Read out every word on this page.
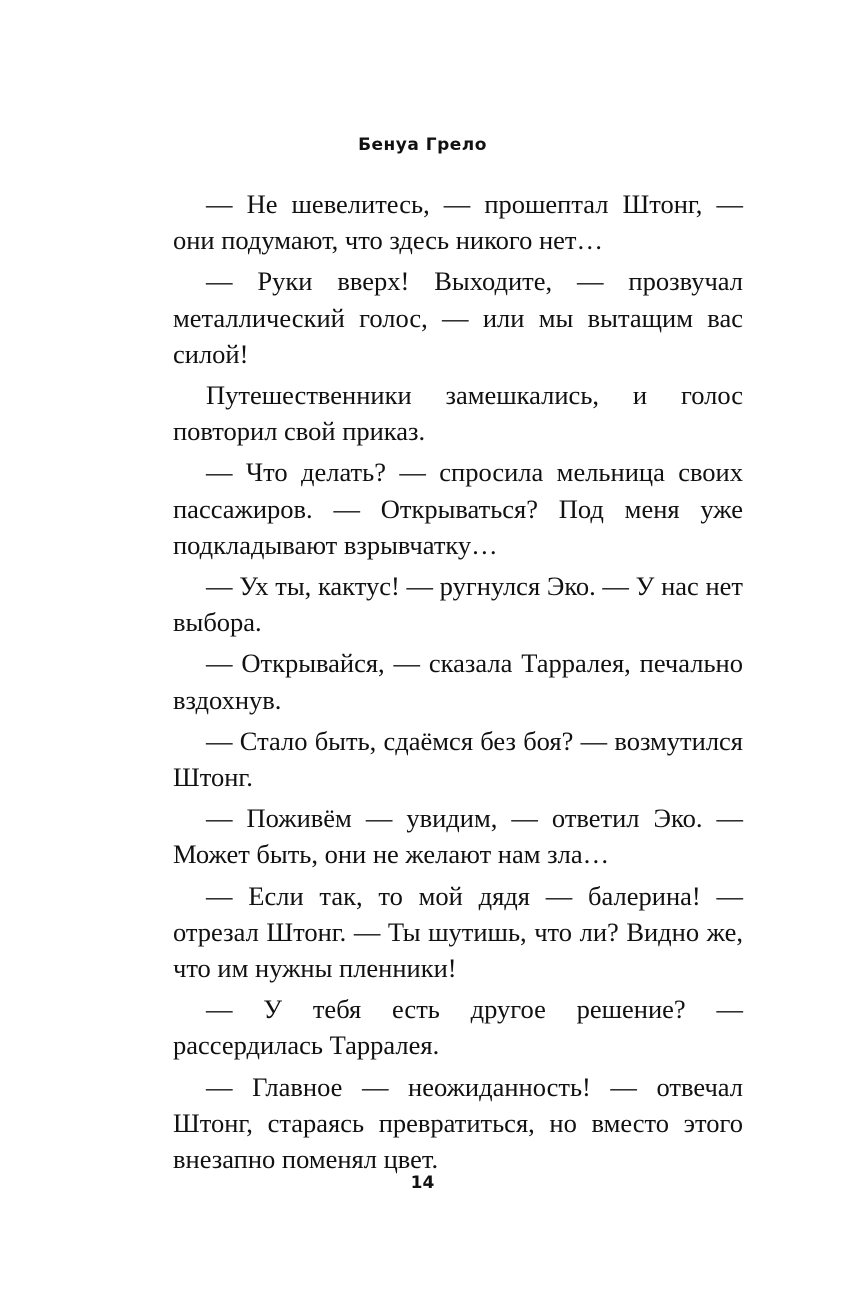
Бенуа Грело

— Не шевелитесь, — прошептал Штонг, — они подумают, что здесь никого нет…

— Руки вверх! Выходите, — прозвучал металлический голос, — или мы вытащим вас силой!

Путешественники замешкались, и голос повторил свой приказ.

— Что делать? — спросила мельница своих пассажиров. — Открываться? Под меня уже подкладывают взрывчатку…

— Ух ты, кактус! — ругнулся Эко. — У нас нет выбора.

— Открывайся, — сказала Тарралея, печально вздохнув.

— Стало быть, сдаёмся без боя? — возмутился Штонг.

— Поживём — увидим, — ответил Эко. — Может быть, они не желают нам зла…

— Если так, то мой дядя — балерина! — отрезал Штонг. — Ты шутишь, что ли? Видно же, что им нужны пленники!

— У тебя есть другое решение? — рассердилась Тарралея.

— Главное — неожиданность! — отвечал Штонг, стараясь превратиться, но вместо этого внезапно поменял цвет.

14
